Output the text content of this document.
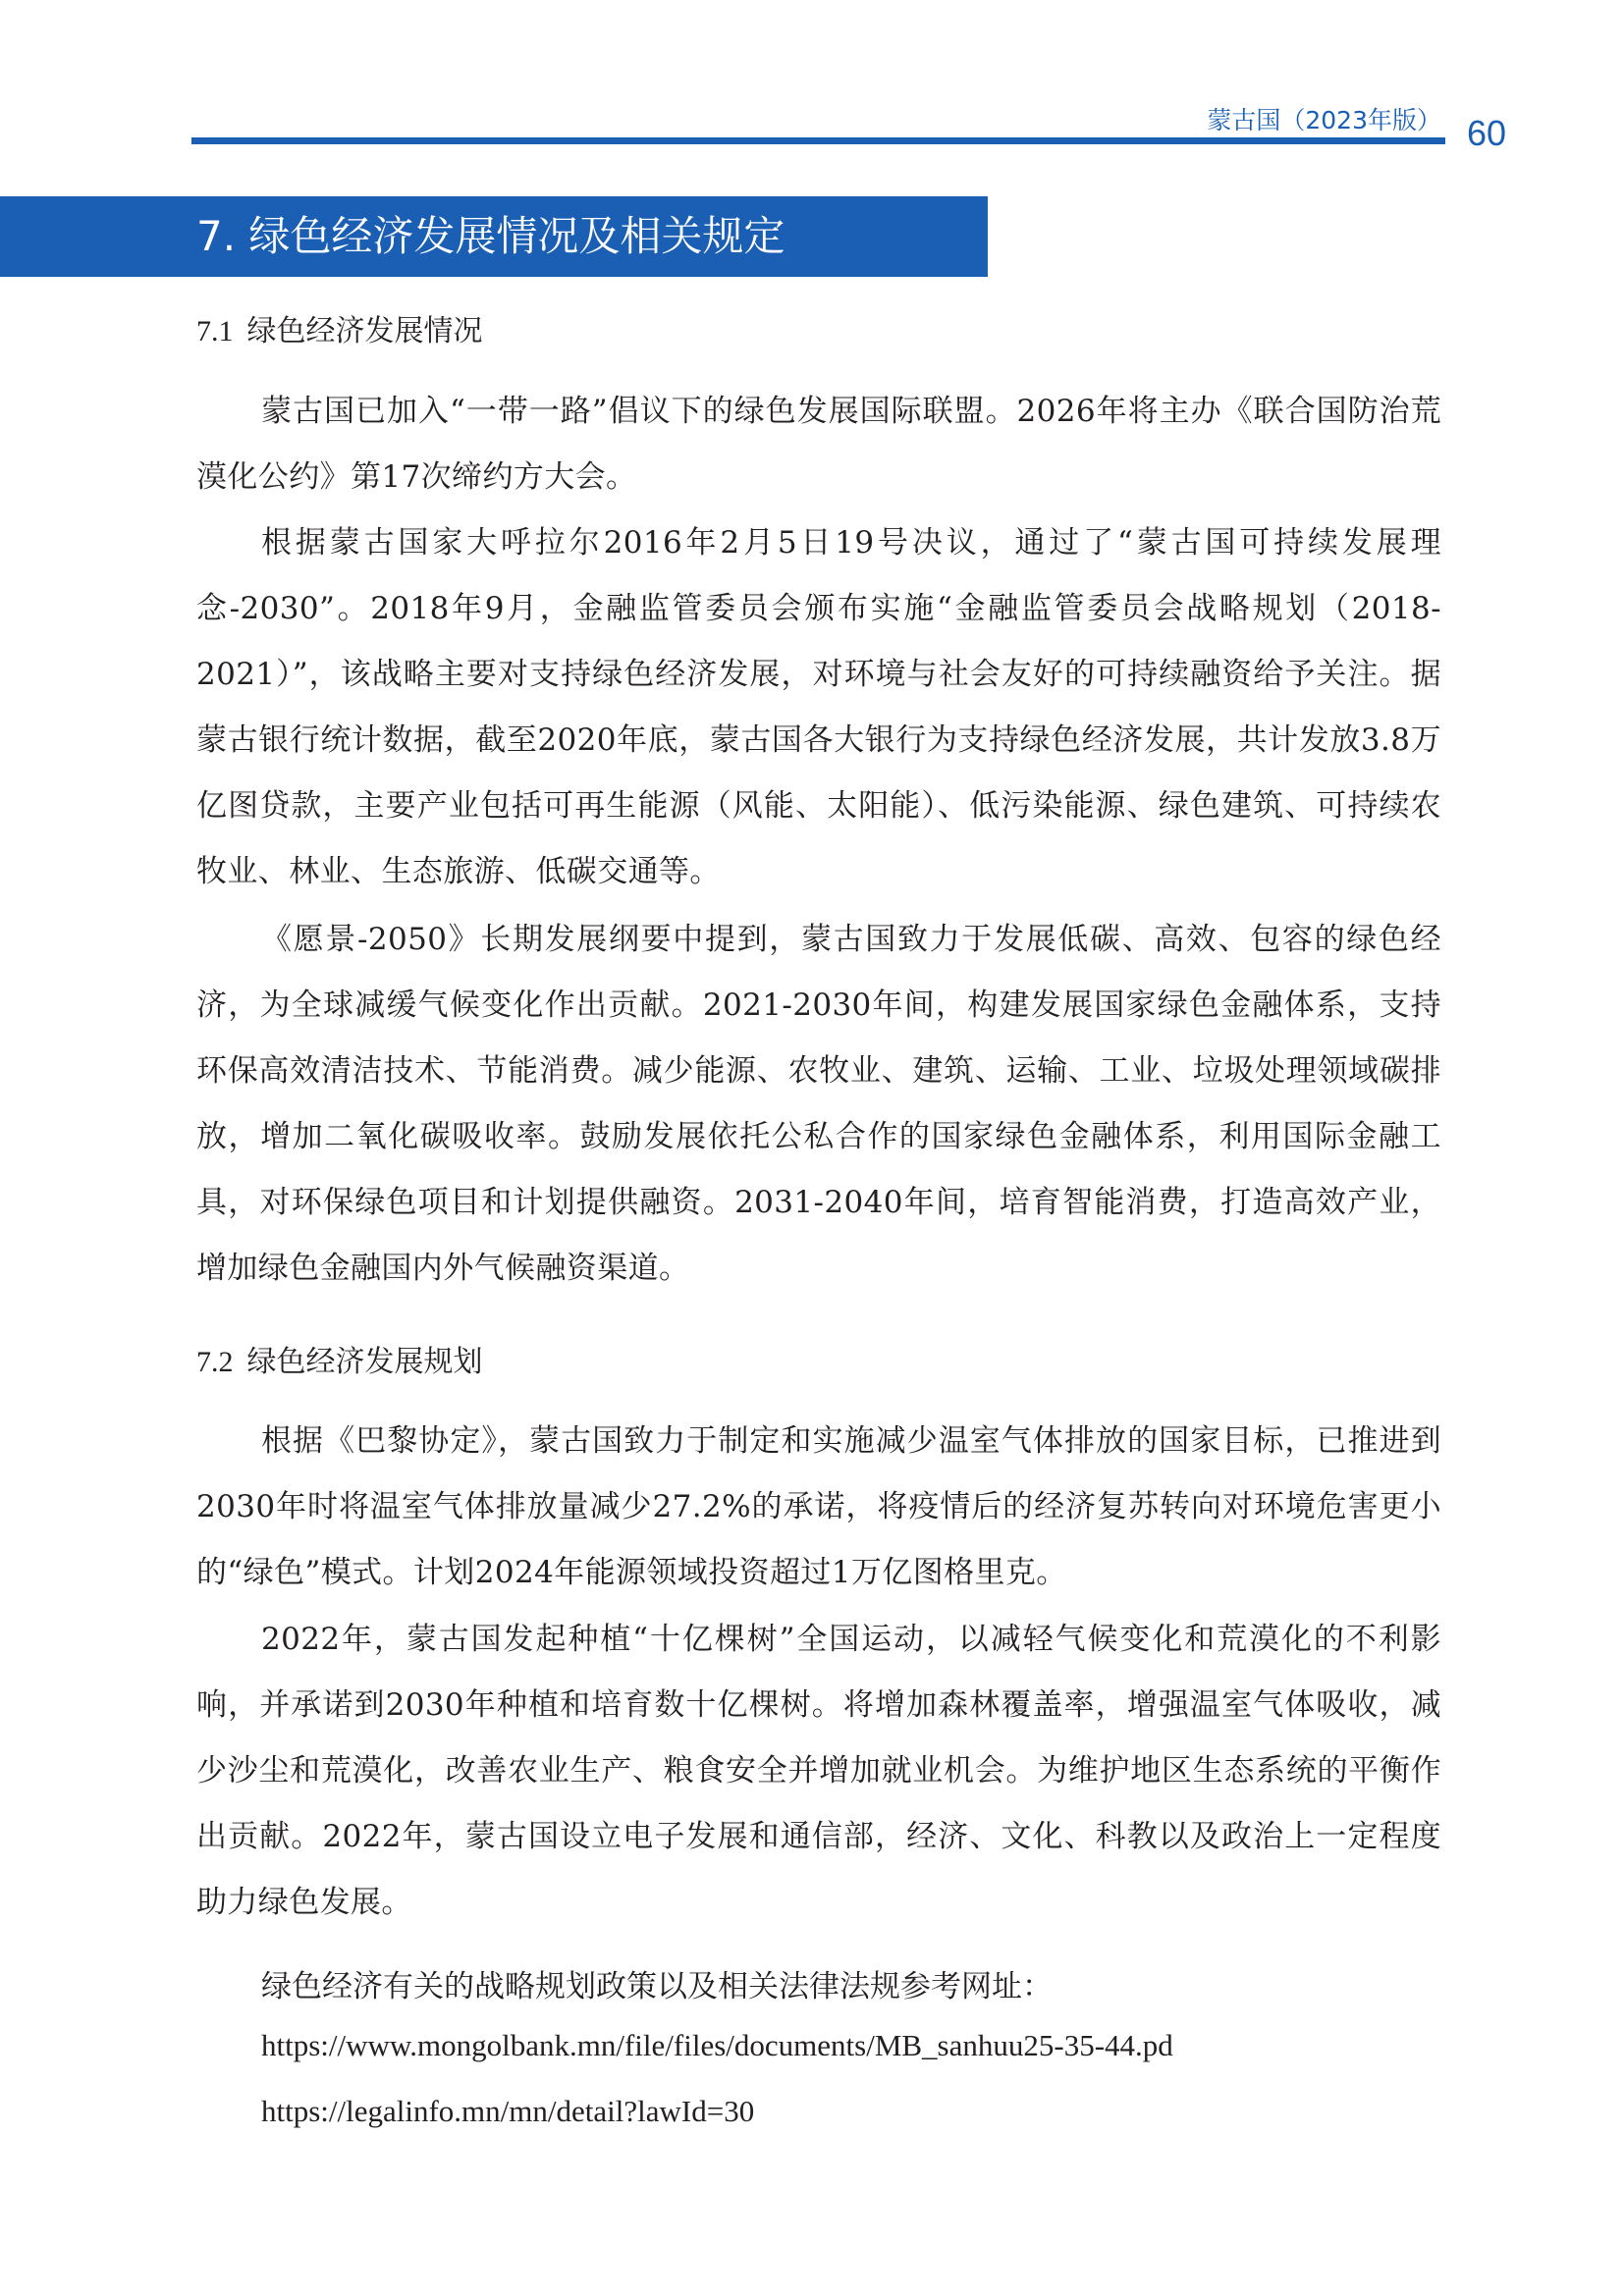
蒙古国（2023年版） 60
7. 绿色经济发展情况及相关规定
7.1 绿色经济发展情况

蒙古国已加入“一带一路”倡议下的绿色发展国际联盟。2026年将主办《联合国防治荒漠化公约》第17次缔约方大会。

根据蒙古国家大呼拉尔2016年2月5日19号决议，通过了“蒙古国可持续发展理念-2030”。2018年9月，金融监管委员会颁布实施“金融监管委员会战略规划（2018-2021）”，该战略主要对支持绿色经济发展，对环境与社会友好的可持续融资给予关注。据蒙古银行统计数据，截至2020年底，蒙古国各大银行为支持绿色经济发展，共计发放3.8万亿图贷款，主要产业包括可再生能源（风能、太阳能）、低污染能源、绿色建筑、可持续农牧业、林业、生态旅游、低碳交通等。

《愿景-2050》长期发展纲要中提到，蒙古国致力于发展低碳、高效、包容的绿色经济，为全球减缓气候变化作出贡献。2021-2030年间，构建发展国家绿色金融体系，支持环保高效清洁技术、节能消费。减少能源、农牧业、建筑、运输、工业、垃圾处理领域碳排放，增加二氧化碳吸收率。鼓励发展依托公私合作的国家绿色金融体系，利用国际金融工具，对环保绿色项目和计划提供融资。2031-2040年间，培育智能消费，打造高效产业，增加绿色金融国内外气候融资渠道。

7.2 绿色经济发展规划

根据《巴黎协定》，蒙古国致力于制定和实施减少温室气体排放的国家目标，已推进到2030年时将温室气体排放量减少27.2%的承诺，将疫情后的经济复苏转向对环境危害更小的“绿色”模式。计划2024年能源领域投资超过1万亿图格里克。

2022年，蒙古国发起种植“十亿棵树”全国运动，以减轻气候变化和荒漠化的不利影响，并承诺到2030年种植和培育数十亿棵树。将增加森林覆盖率，增强温室气体吸收，减少沙尘和荒漠化，改善农业生产、粮食安全并增加就业机会。为维护地区生态系统的平衡作出贡献。2022年，蒙古国设立电子发展和通信部，经济、文化、科教以及政治上一定程度助力绿色发展。

绿色经济有关的战略规划政策以及相关法律法规参考网址：
https://www.mongolbank.mn/file/files/documents/MB_sanhuu25-35-44.pd
https://legalinfo.mn/mn/detail?lawId=30
